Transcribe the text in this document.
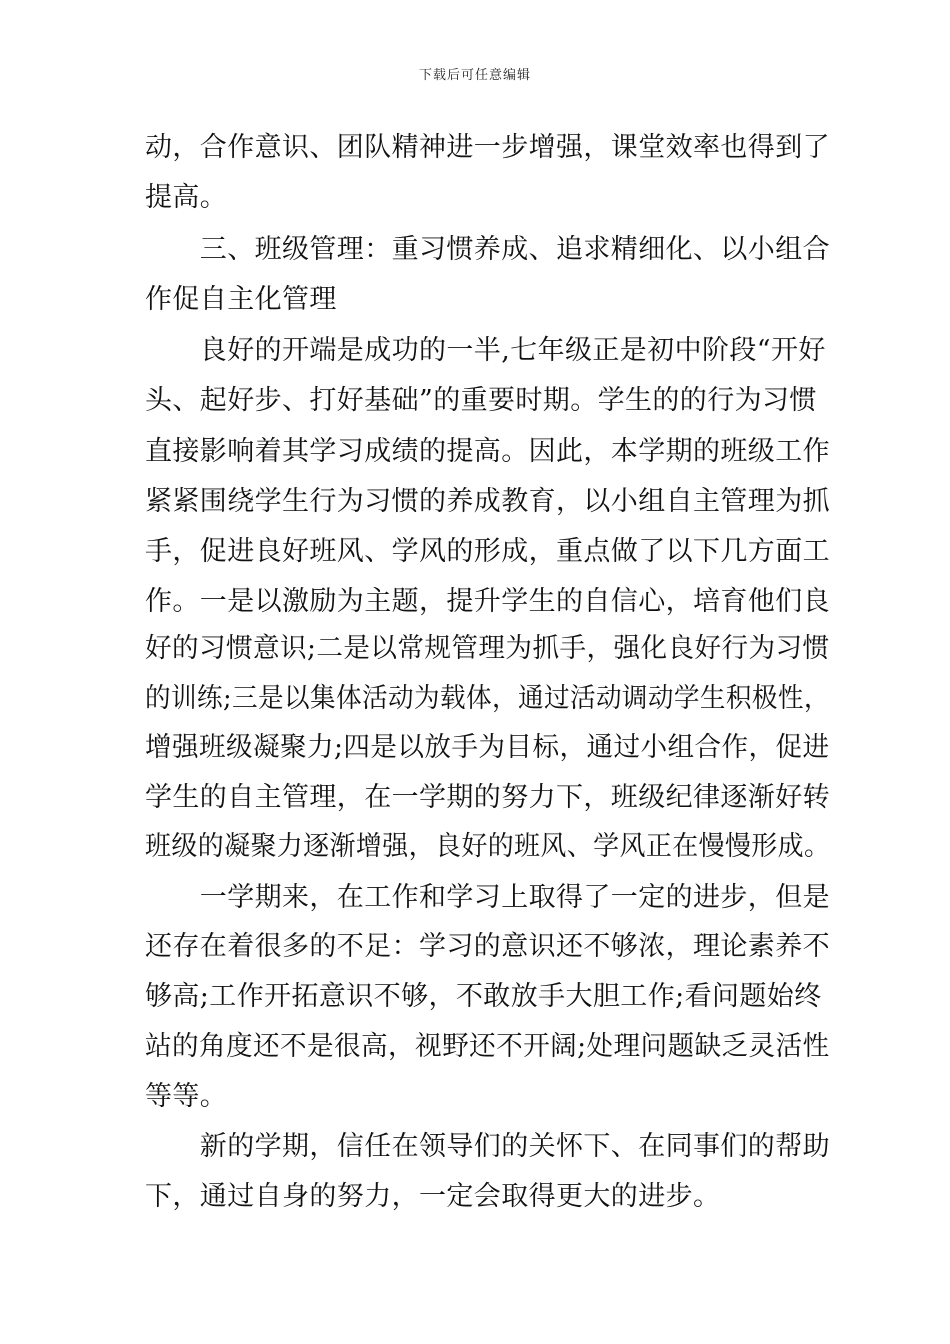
下载后可任意编辑
动，合作意识、团队精神进一步增强，课堂效率也得到了
提高。
　　三、班级管理：重习惯养成、追求精细化、以小组合
作促自主化管理
　　良好的开端是成功的一半,七年级正是初中阶段“开好
头、起好步、打好基础”的重要时期。学生的的行为习惯
直接影响着其学习成绩的提高。因此，本学期的班级工作
紧紧围绕学生行为习惯的养成教育，以小组自主管理为抓
手，促进良好班风、学风的形成，重点做了以下几方面工
作。一是以激励为主题，提升学生的自信心，培育他们良
好的习惯意识;二是以常规管理为抓手，强化良好行为习惯
的训练;三是以集体活动为载体，通过活动调动学生积极性，
增强班级凝聚力;四是以放手为目标，通过小组合作，促进
学生的自主管理，在一学期的努力下，班级纪律逐渐好转
班级的凝聚力逐渐增强，良好的班风、学风正在慢慢形成。
　　一学期来，在工作和学习上取得了一定的进步，但是
还存在着很多的不足：学习的意识还不够浓，理论素养不
够高;工作开拓意识不够，不敢放手大胆工作;看问题始终
站的角度还不是很高，视野还不开阔;处理问题缺乏灵活性
等等。
　　新的学期，信任在领导们的关怀下、在同事们的帮助
下，通过自身的努力，一定会取得更大的进步。
